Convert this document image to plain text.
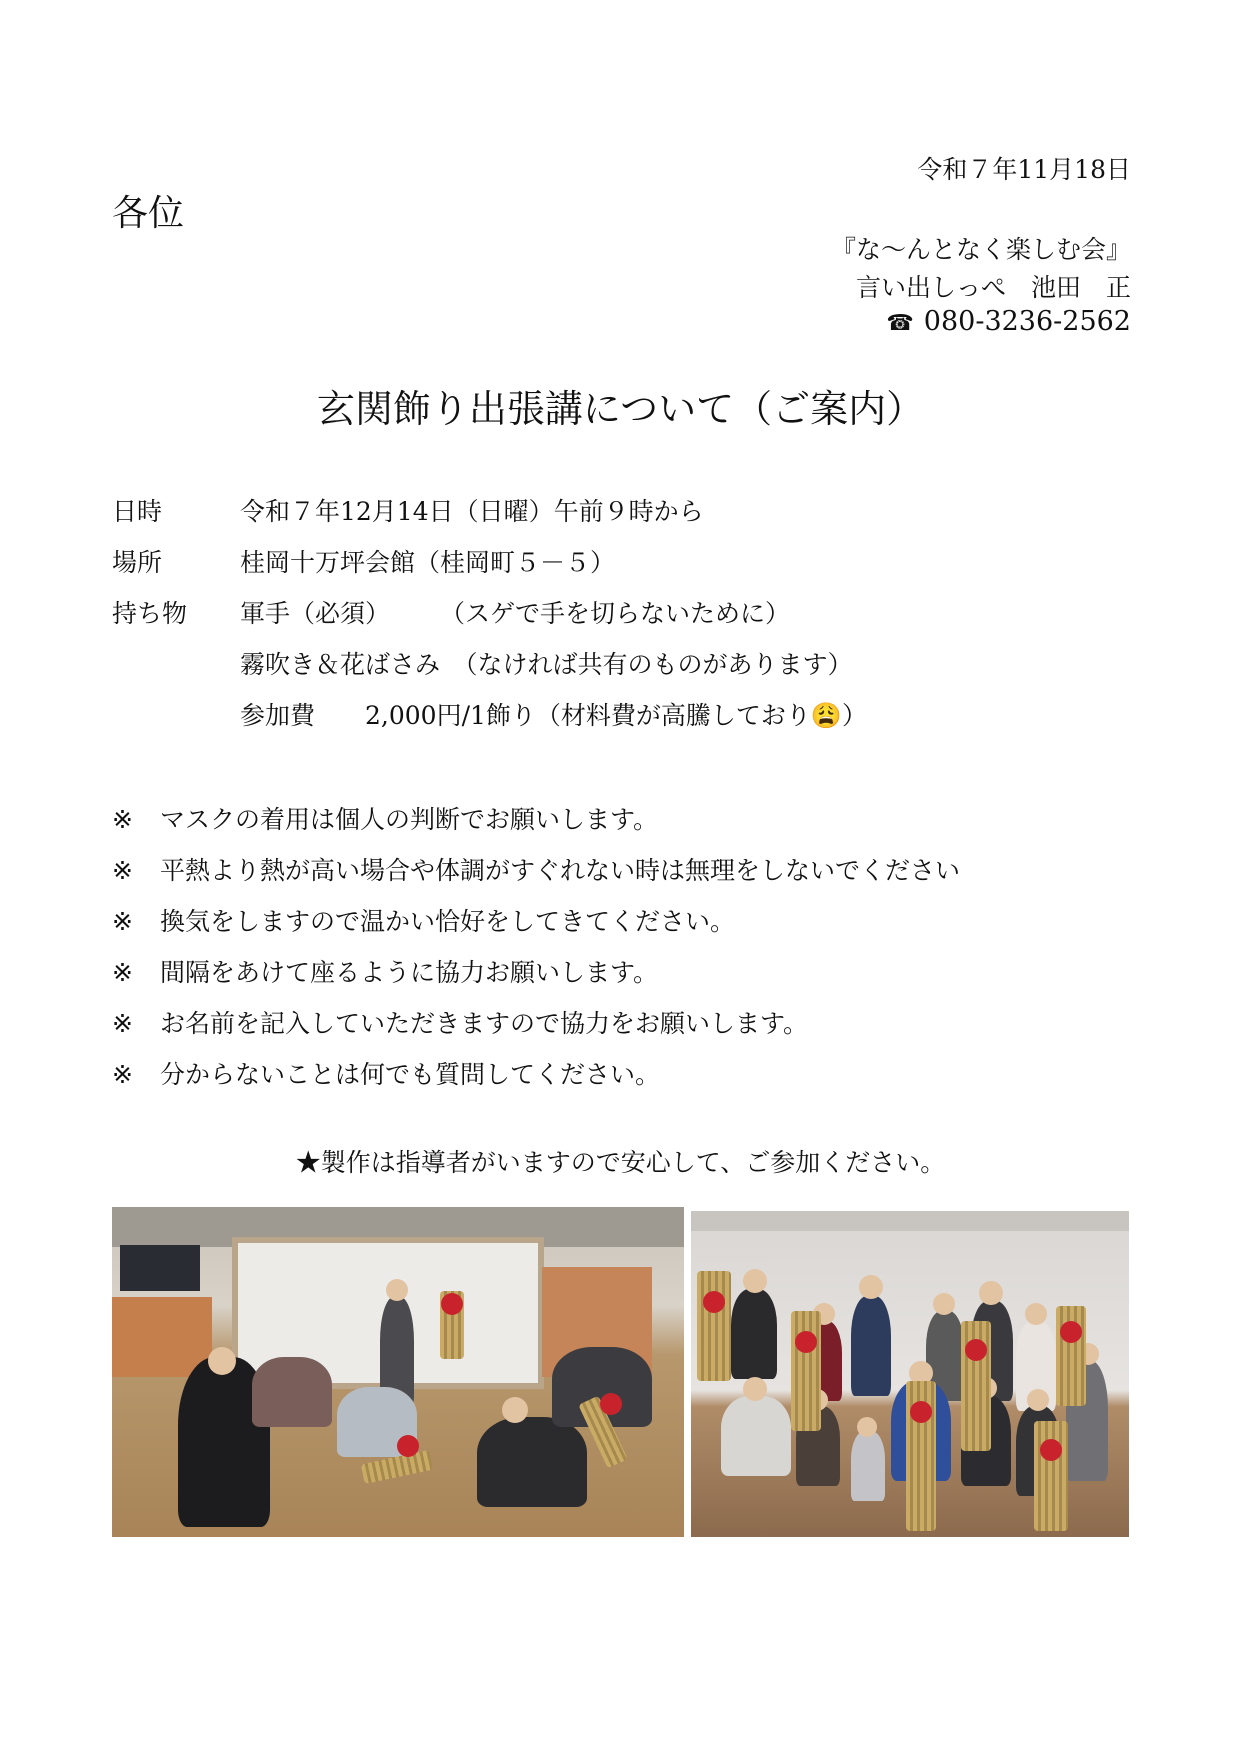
令和７年11月18日
各位
『な～んとなく楽しむ会』
言い出しっぺ　池田　正
☎ 080-3236-2562
玄関飾り出張講について（ご案内）
日時	令和７年12月14日（日曜）午前９時から
場所	桂岡十万坪会館（桂岡町５－５）
持ち物 軍手（必須）　　　（スゲで手を切らないために）
霧吹き＆花ばさみ　（なければ共有のものがあります）
参加費　　2,000円/1飾り（材料費が高騰しており😩）
※ マスクの着用は個人の判断でお願いします。
※ 平熱より熱が高い場合や体調がすぐれない時は無理をしないでください
※ 換気をしますので温かい恰好をしてきてください。
※ 間隔をあけて座るように協力お願いします。
※ お名前を記入していただきますので協力をお願いします。
※ 分からないことは何でも質問してください。
★製作は指導者がいますので安心して、ご参加ください。
